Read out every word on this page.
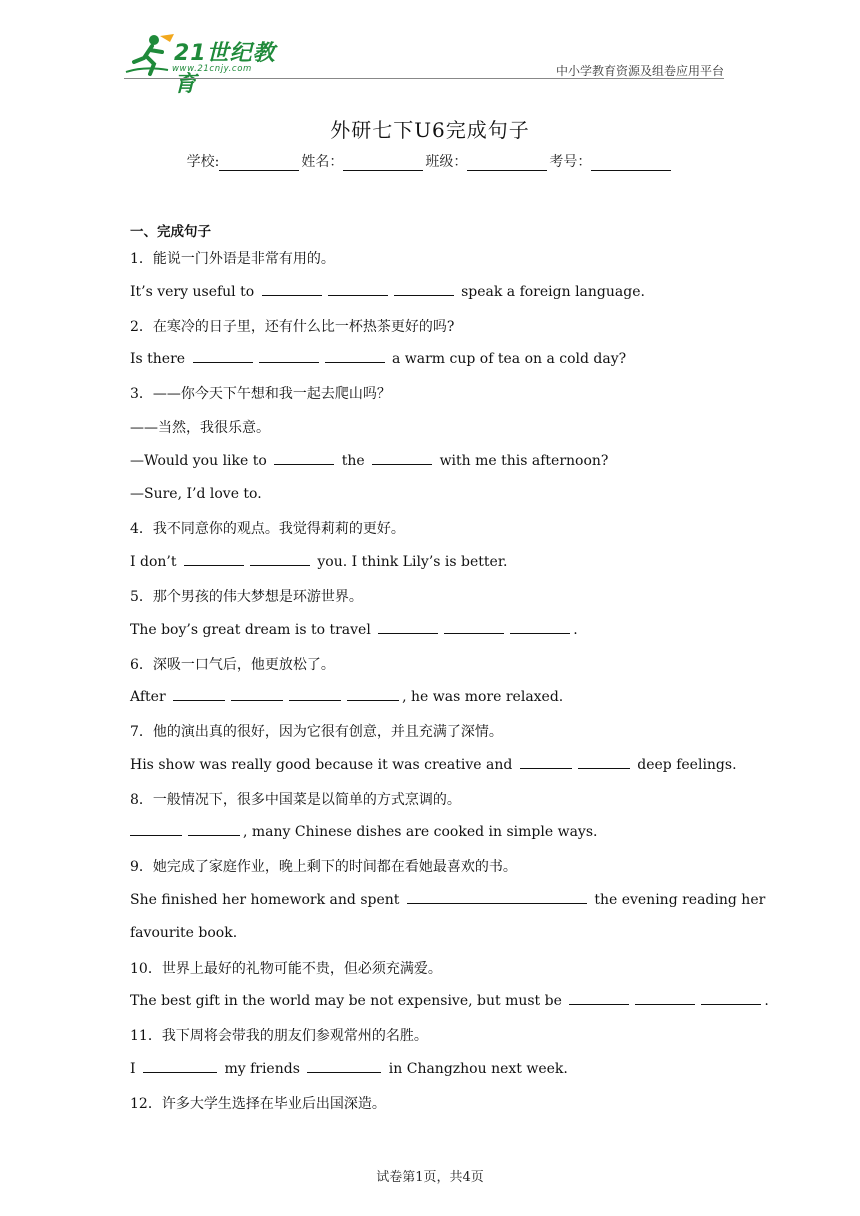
21世纪教育
www.21cnjy.com	中小学教育资源及组卷应用平台
外研七下U6完成句子
学校:	姓名：	班级：	考号：
一、完成句子
1．能说一门外语是非常有用的。
It’s very useful to	speak a foreign language.
2．在寒冷的日子里，还有什么比一杯热茶更好的吗?
Is there	a warm cup of tea on a cold day?
3．——你今天下午想和我一起去爬山吗？
——当然，我很乐意。
—Would you like to	the	with me this afternoon?
—Sure, I’d love to.
4．我不同意你的观点。我觉得莉莉的更好。
I don’t	you. I think Lily’s is better.
5．那个男孩的伟大梦想是环游世界。
The boy’s great dream is to travel	.
6．深吸一口气后，他更放松了。
After	, he was more relaxed.
7．他的演出真的很好，因为它很有创意，并且充满了深情。
His show was really good because it was creative and	deep feelings.
8．一般情况下，很多中国菜是以简单的方式烹调的。
, many Chinese dishes are cooked in simple ways.
9．她完成了家庭作业，晚上剩下的时间都在看她最喜欢的书。
She finished her homework and spent	the evening reading her
favourite book.
10．世界上最好的礼物可能不贵，但必须充满爱。
The best gift in the world may be not expensive, but must be	.
11．我下周将会带我的朋友们参观常州的名胜。
I	my friends	in Changzhou next week.
12．许多大学生选择在毕业后出国深造。
试卷第1页，共4页
